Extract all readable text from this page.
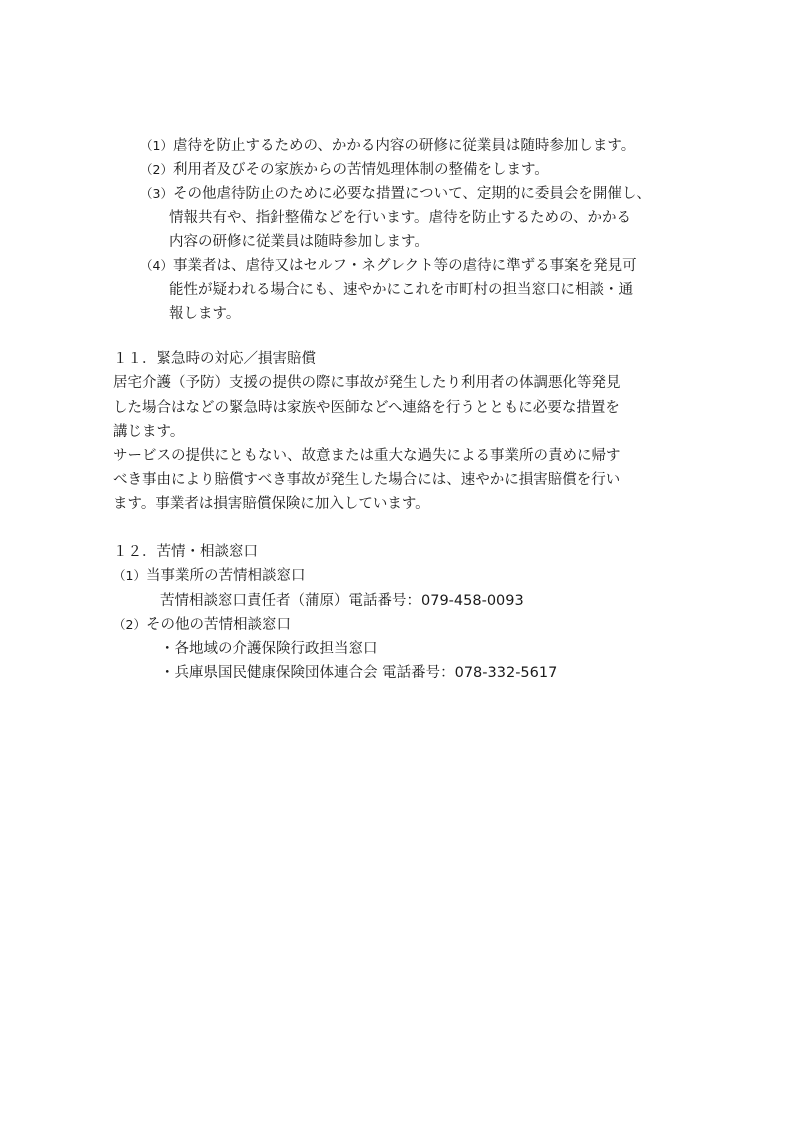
（1）虐待を防止するための、かかる内容の研修に従業員は随時参加します。
（2）利用者及びその家族からの苦情処理体制の整備をします。
（3）その他虐待防止のために必要な措置について、定期的に委員会を開催し、
情報共有や、指針整備などを行います。虐待を防止するための、かかる
内容の研修に従業員は随時参加します。
（4）事業者は、虐待又はセルフ・ネグレクト等の虐待に準ずる事案を発見可
能性が疑われる場合にも、速やかにこれを市町村の担当窓口に相談・通
報します。
１１．緊急時の対応／損害賠償
居宅介護（予防）支援の提供の際に事故が発生したり利用者の体調悪化等発見
した場合はなどの緊急時は家族や医師などへ連絡を行うとともに必要な措置を
講じます。
サービスの提供にともない、故意または重大な過失による事業所の責めに帰す
べき事由により賠償すべき事故が発生した場合には、速やかに損害賠償を行い
ます。事業者は損害賠償保険に加入しています。
１２．苦情・相談窓口
（1）当事業所の苦情相談窓口
苦情相談窓口責任者（蒲原）電話番号：079-458-0093
（2）その他の苦情相談窓口
・各地域の介護保険行政担当窓口
・兵庫県国民健康保険団体連合会 電話番号：078-332-5617
